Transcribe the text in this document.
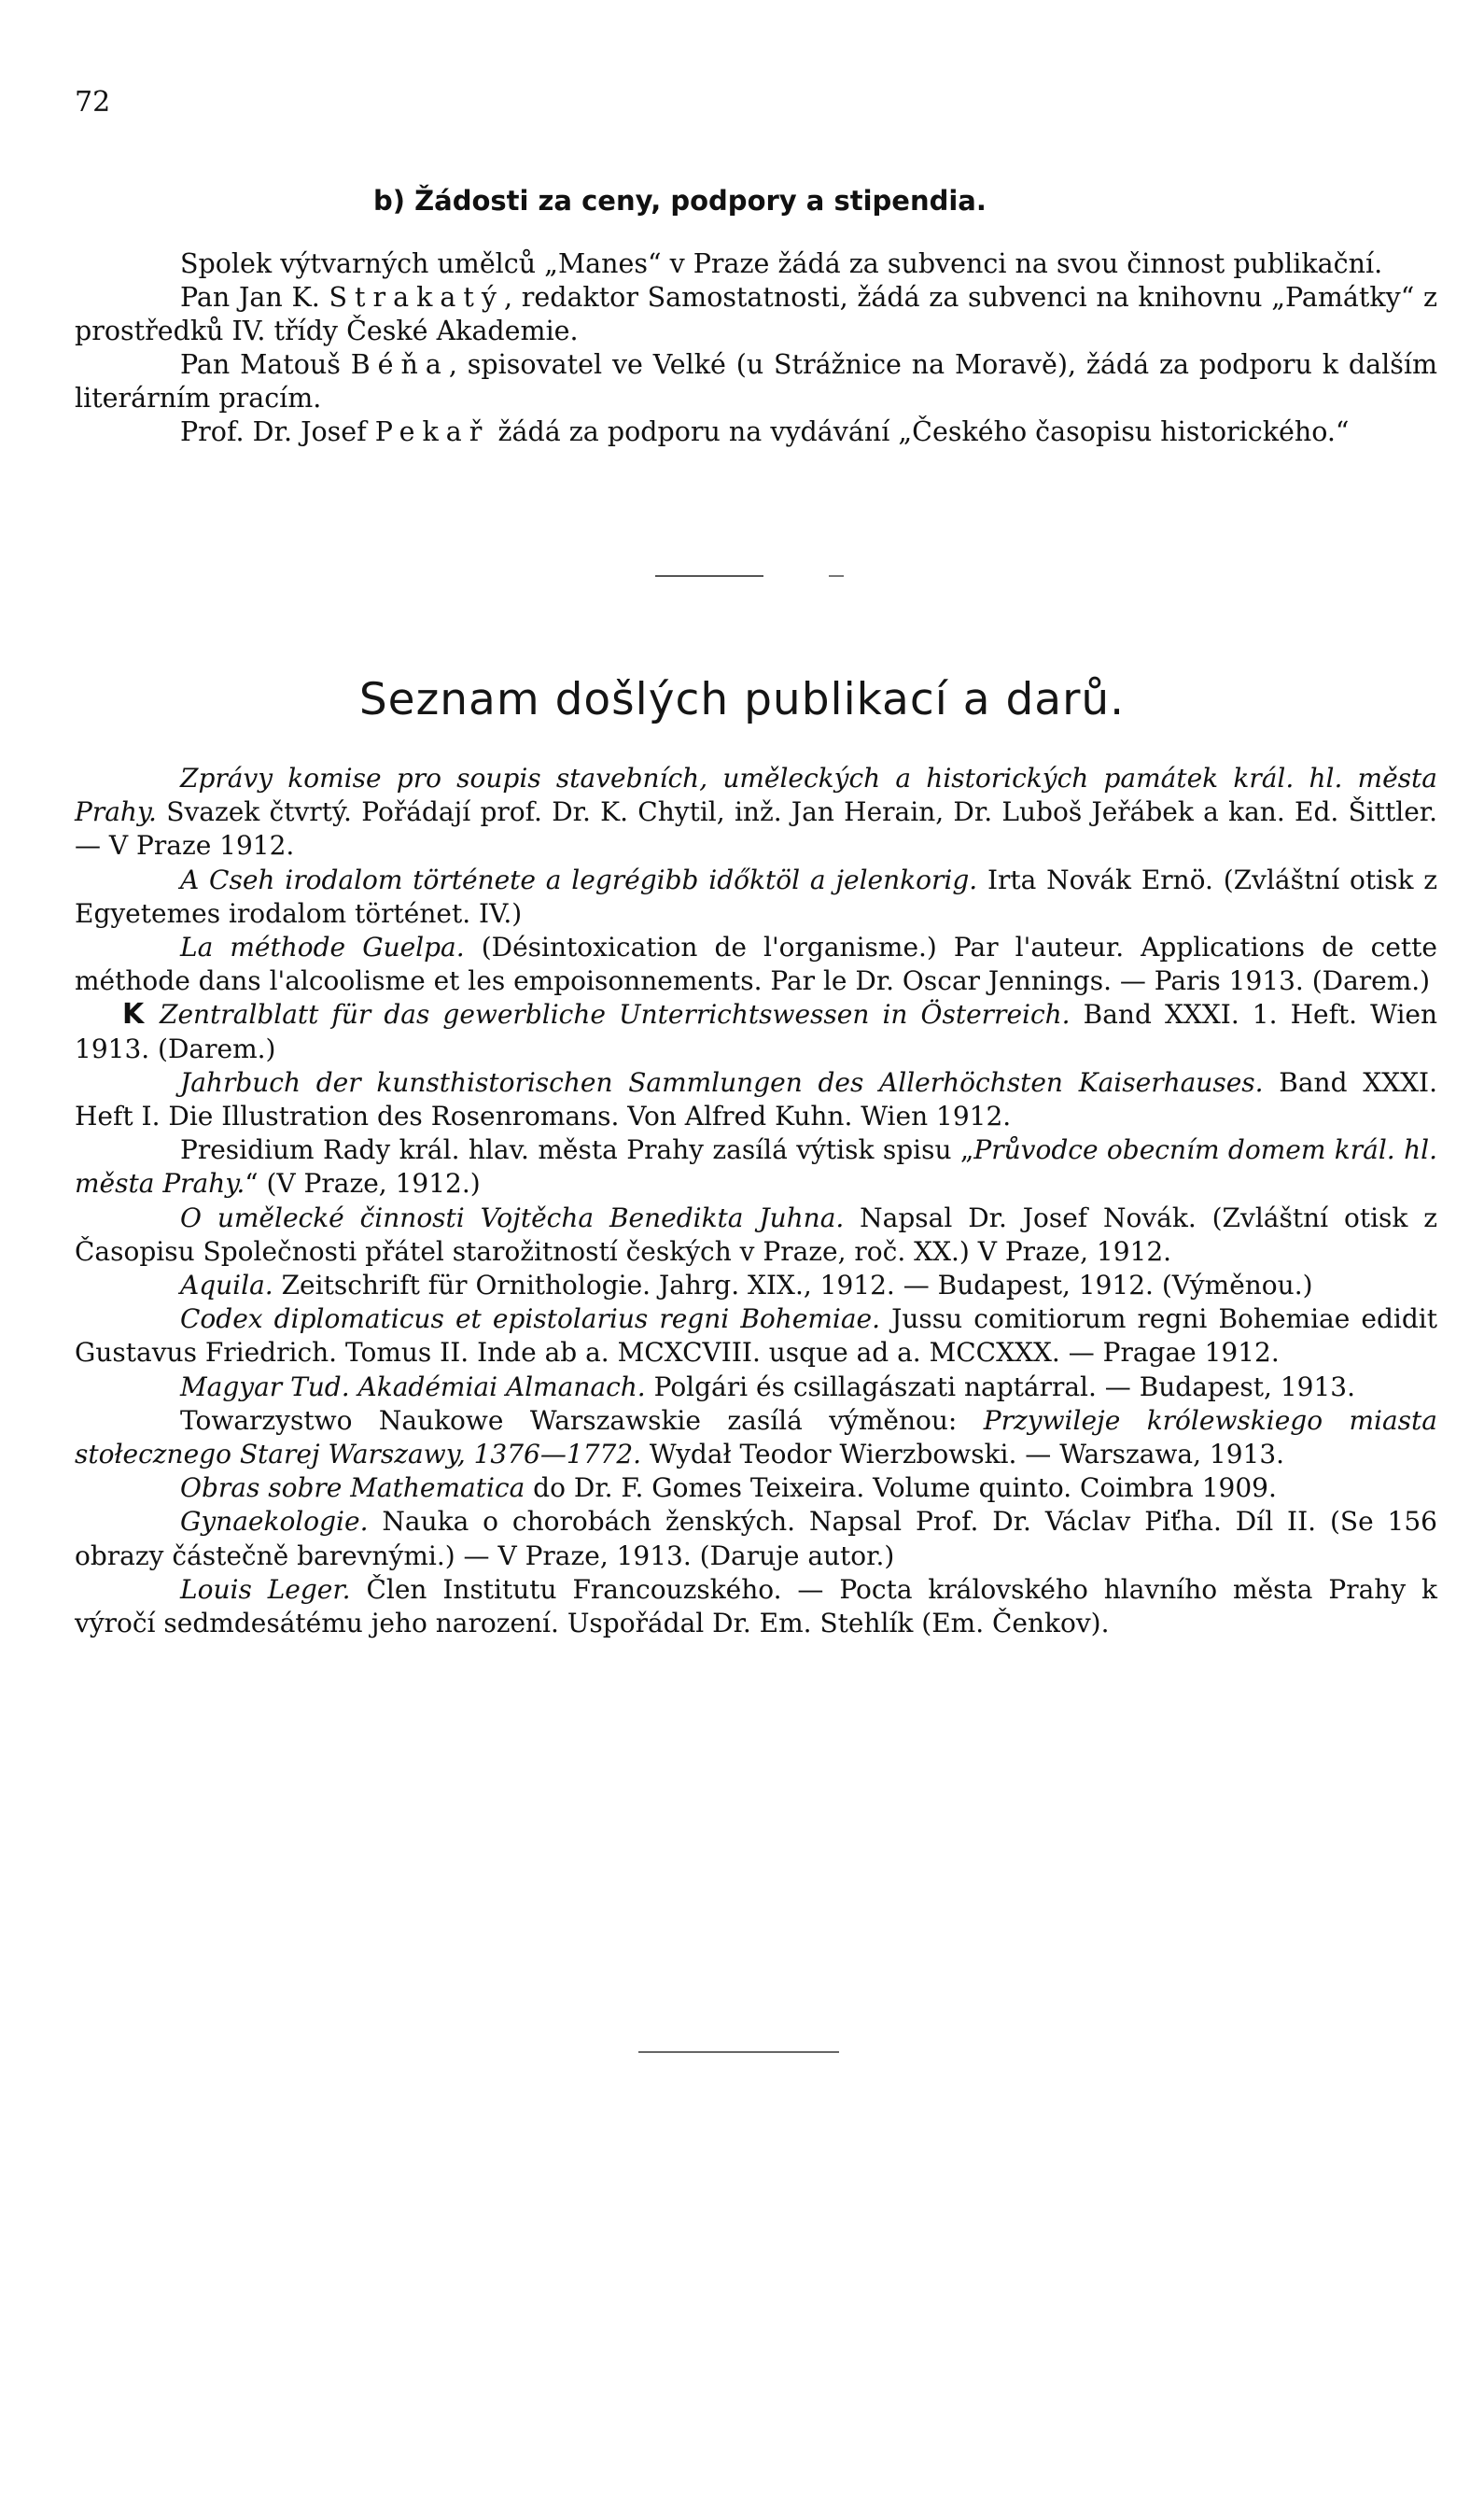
72
b) Žádosti za ceny, podpory a stipendia.

Spolek výtvarných umělců „Manes“ v Praze žádá za subvenci na svou činnost publikační.

Pan Jan K. Strakatý, redaktor Samostatnosti, žádá za subvenci na knihovnu „Památky“ z prostředků IV. třídy České Akademie.

Pan Matouš Béňa, spisovatel ve Velké (u Strážnice na Moravě), žádá za podporu k dalším literárním pracím.

Prof. Dr. Josef Pekař žádá za podporu na vydávání „Českého časopisu historického.“

Seznam došlých publikací a darů.

Zprávy komise pro soupis stavebních, uměleckých a historických památek král. hl. města Prahy. Svazek čtvrtý. Pořádají prof. Dr. K. Chytil, inž. Jan Herain, Dr. Luboš Jeřábek a kan. Ed. Šittler. — V Praze 1912.

A Cseh irodalom története a legrégibb időktöl a jelenkorig. Irta Novák Ernö. (Zvláštní otisk z Egyetemes irodalom történet. IV.)

La méthode Guelpa. (Désintoxication de l'organisme.) Par l'auteur. Applications de cette méthode dans l'alcoolisme et les empoisonnements. Par le Dr. Oscar Jennings. — Paris 1913. (Darem.)

K Zentralblatt für das gewerbliche Unterrichtswessen in Österreich. Band XXXI. 1. Heft. Wien 1913. (Darem.)

Jahrbuch der kunsthistorischen Sammlungen des Allerhöchsten Kaiserhauses. Band XXXI. Heft I. Die Illustration des Rosenromans. Von Alfred Kuhn. Wien 1912.

Presidium Rady král. hlav. města Prahy zasílá výtisk spisu „Průvodce obecním domem král. hl. města Prahy.“ (V Praze, 1912.)

O umělecké činnosti Vojtěcha Benedikta Juhna. Napsal Dr. Josef Novák. (Zvláštní otisk z Časopisu Společnosti přátel starožitností českých v Praze, roč. XX.) V Praze, 1912.

Aquila. Zeitschrift für Ornithologie. Jahrg. XIX., 1912. — Budapest, 1912. (Výměnou.)

Codex diplomaticus et epistolarius regni Bohemiae. Jussu comitiorum regni Bohemiae edidit Gustavus Friedrich. Tomus II. Inde ab a. MCXCVIII. usque ad a. MCCXXX. — Pragae 1912.

Magyar Tud. Akadémiai Almanach. Polgári és csillagászati naptárral. — Budapest, 1913.

Towarzystwo Naukowe Warszawskie zasílá výměnou: Przywileje królewskiego miasta stołecznego Starej Warszawy, 1376—1772. Wydał Teodor Wierzbowski. — Warszawa, 1913.

Obras sobre Mathematica do Dr. F. Gomes Teixeira. Volume quinto. Coimbra 1909.

Gynaekologie. Nauka o chorobách ženských. Napsal Prof. Dr. Václav Piťha. Díl II. (Se 156 obrazy částečně barevnými.) — V Praze, 1913. (Daruje autor.)

Louis Leger. Člen Institutu Francouzského. — Pocta královského hlavního města Prahy k výročí sedmdesátému jeho narození. Uspořádal Dr. Em. Stehlík (Em. Čenkov).
